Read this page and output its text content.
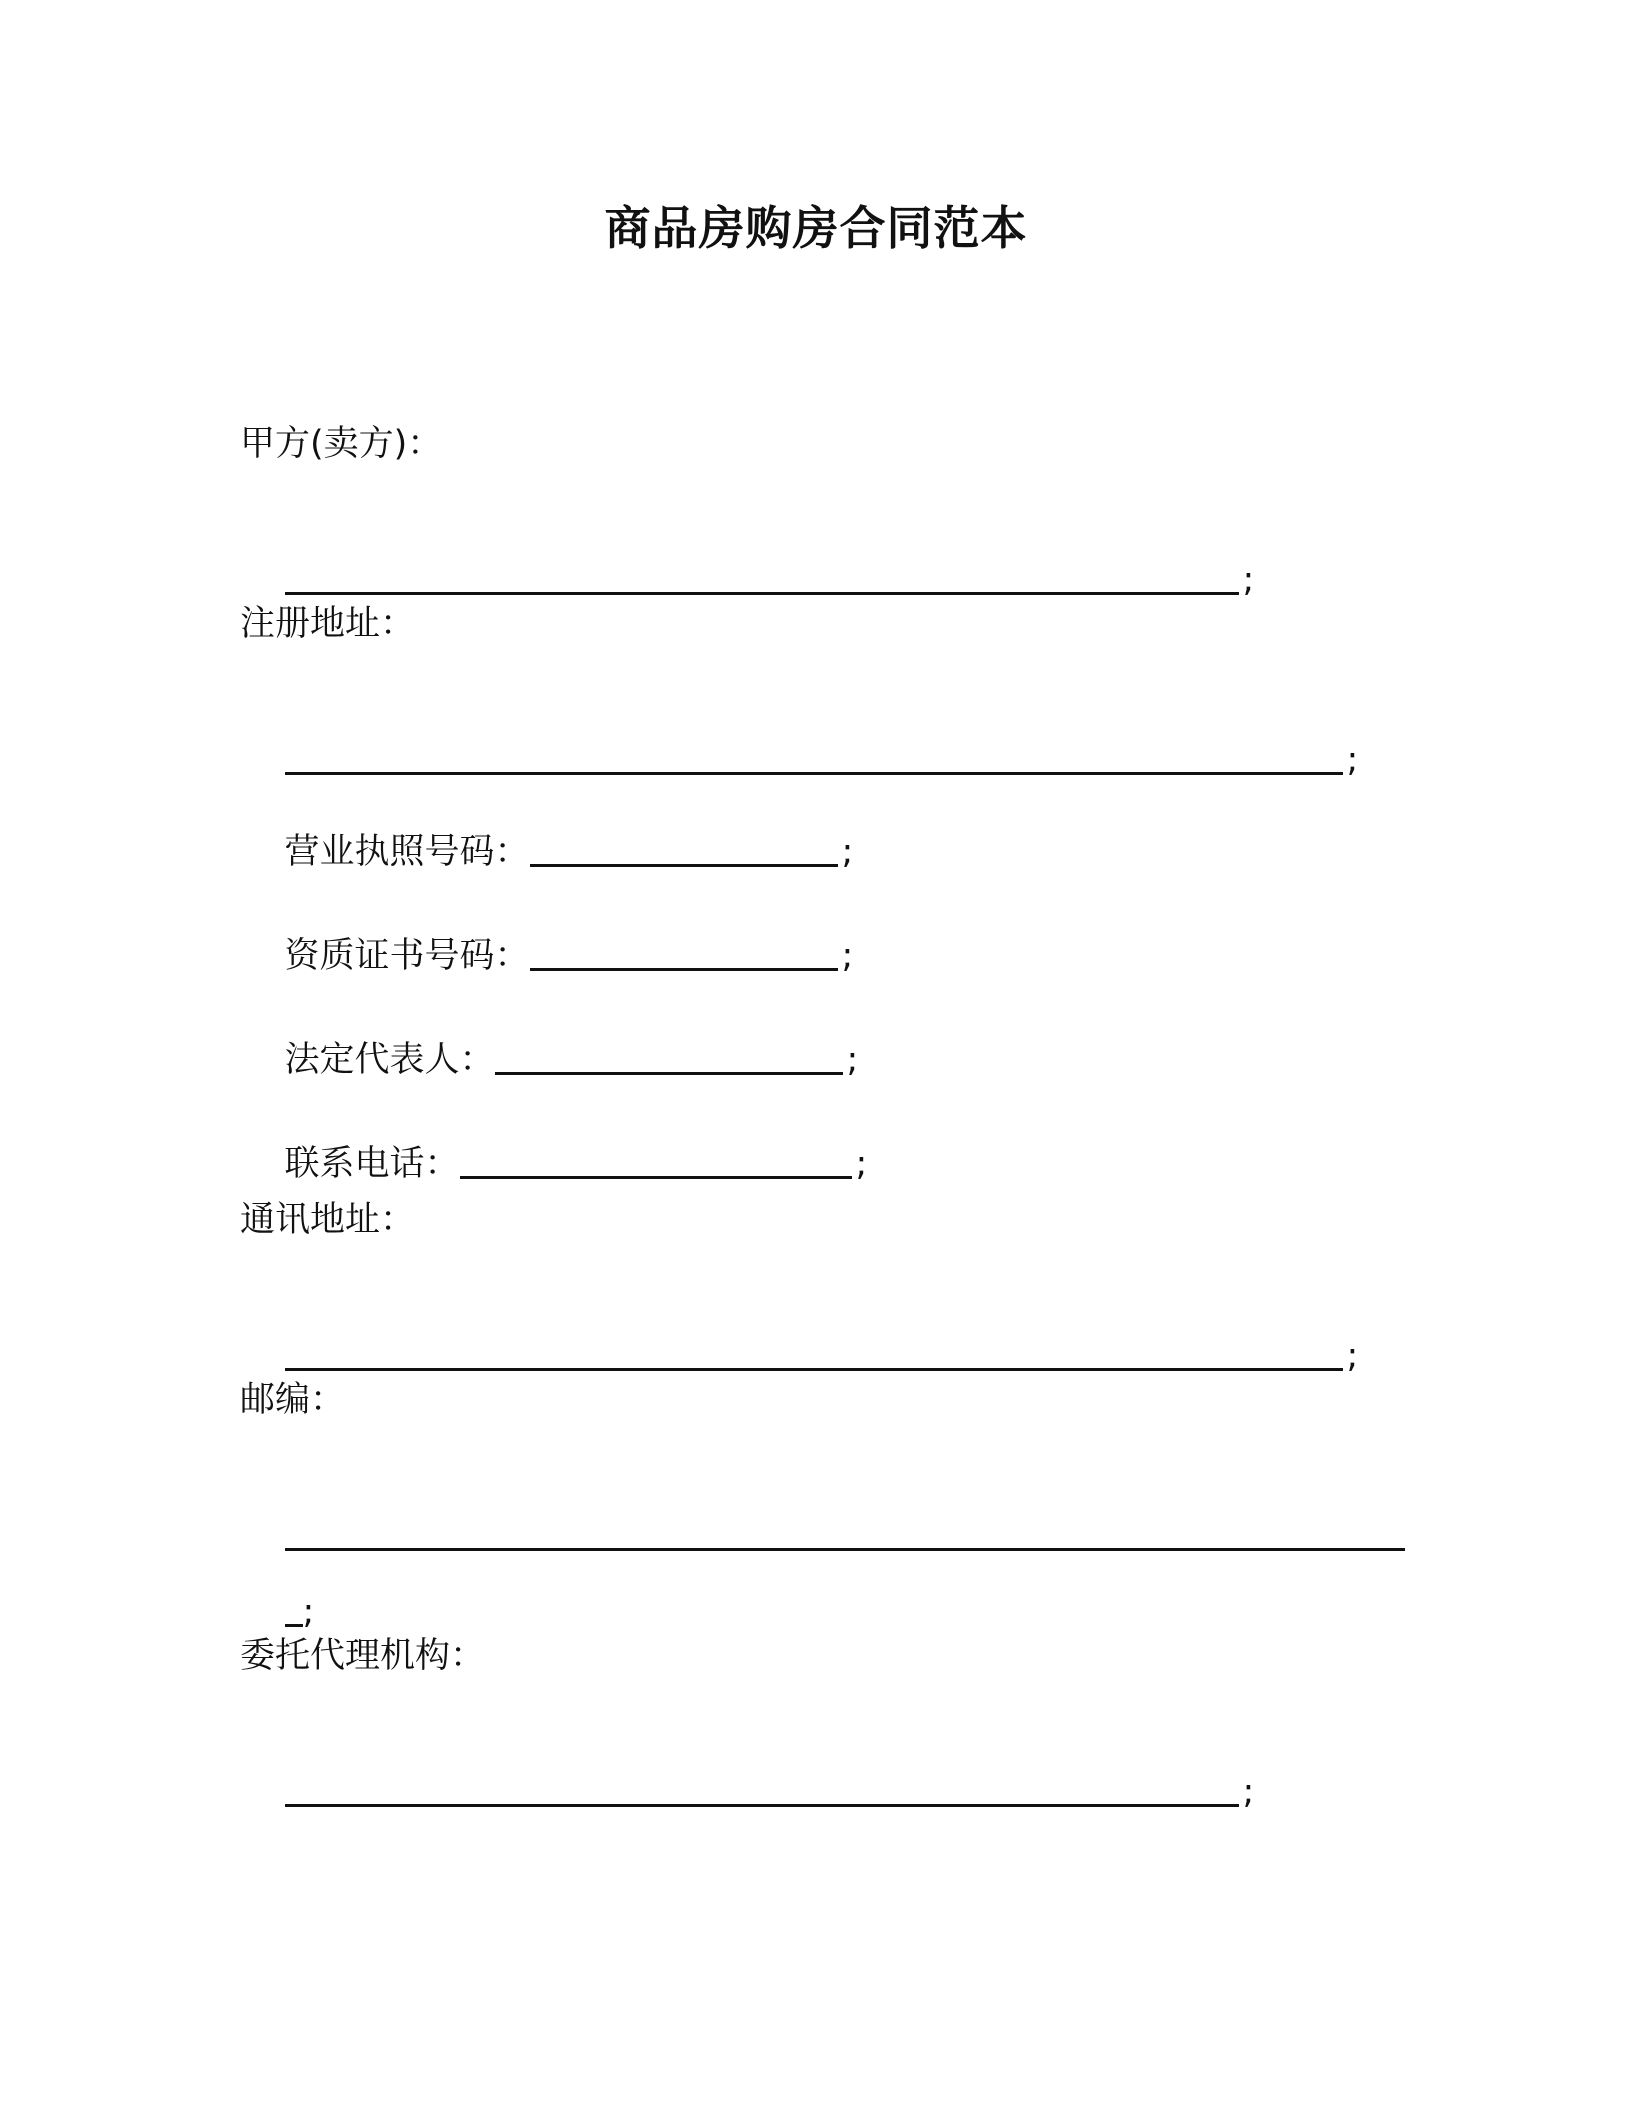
商品房购房合同范本
甲方(卖方)：

;

注册地址：

;

营业执照号码：	;

资质证书号码：	;

法定代表人：	;

联系电话：	;

通讯地址：

;

邮编：

;

委托代理机构：

;
